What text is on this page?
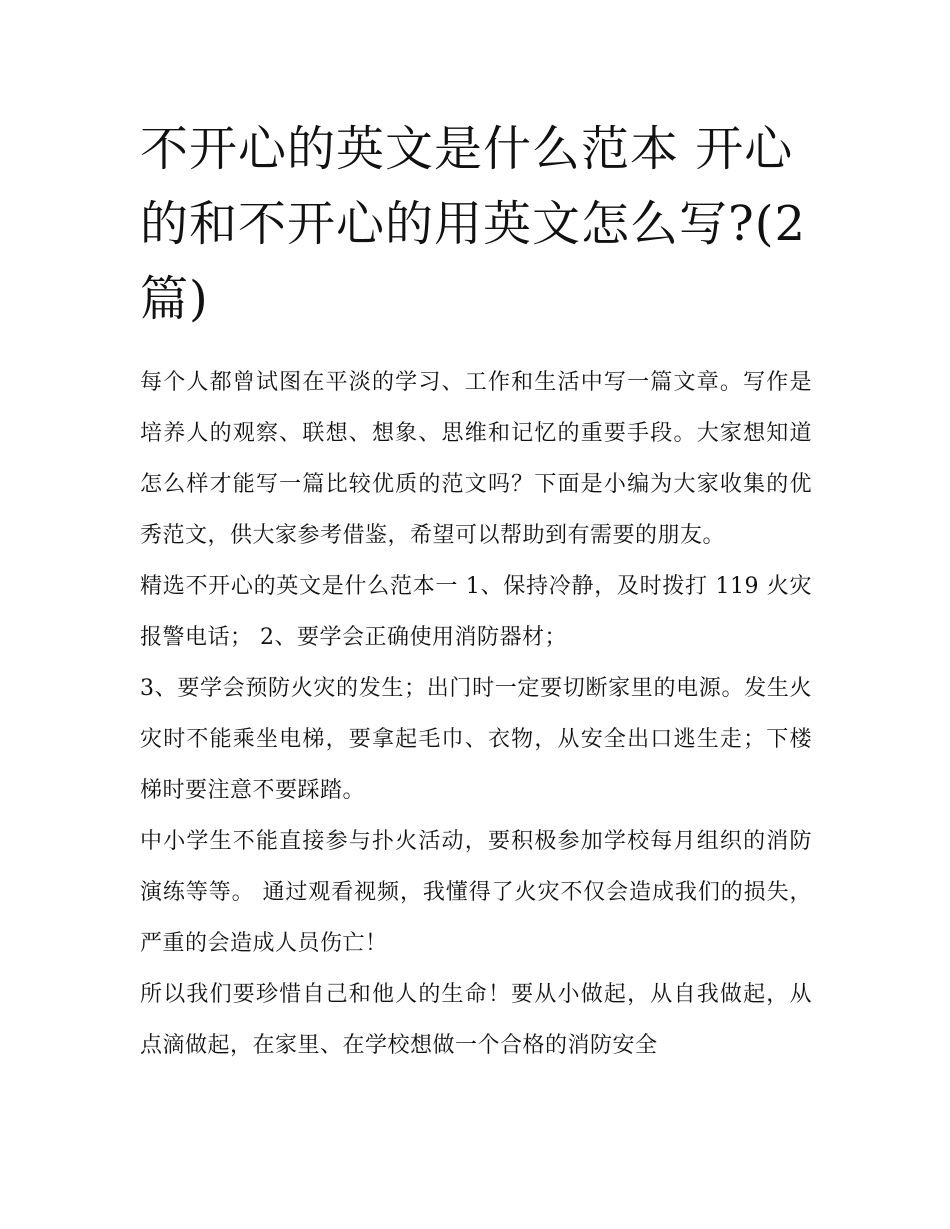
不开心的英文是什么范本 开心的和不开心的用英文怎么写?(2篇)

每个人都曾试图在平淡的学习、工作和生活中写一篇文章。写作是培养人的观察、联想、想象、思维和记忆的重要手段。大家想知道怎么样才能写一篇比较优质的范文吗？下面是小编为大家收集的优秀范文，供大家参考借鉴，希望可以帮助到有需要的朋友。

精选不开心的英文是什么范本一 1、保持冷静，及时拨打 119 火灾报警电话； 2、要学会正确使用消防器材；

3、要学会预防火灾的发生；出门时一定要切断家里的电源。发生火灾时不能乘坐电梯，要拿起毛巾、衣物，从安全出口逃生走；下楼梯时要注意不要踩踏。

中小学生不能直接参与扑火活动，要积极参加学校每月组织的消防演练等等。 通过观看视频，我懂得了火灾不仅会造成我们的损失，严重的会造成人员伤亡！

所以我们要珍惜自己和他人的生命！要从小做起，从自我做起，从点滴做起，在家里、在学校想做一个合格的消防安全
